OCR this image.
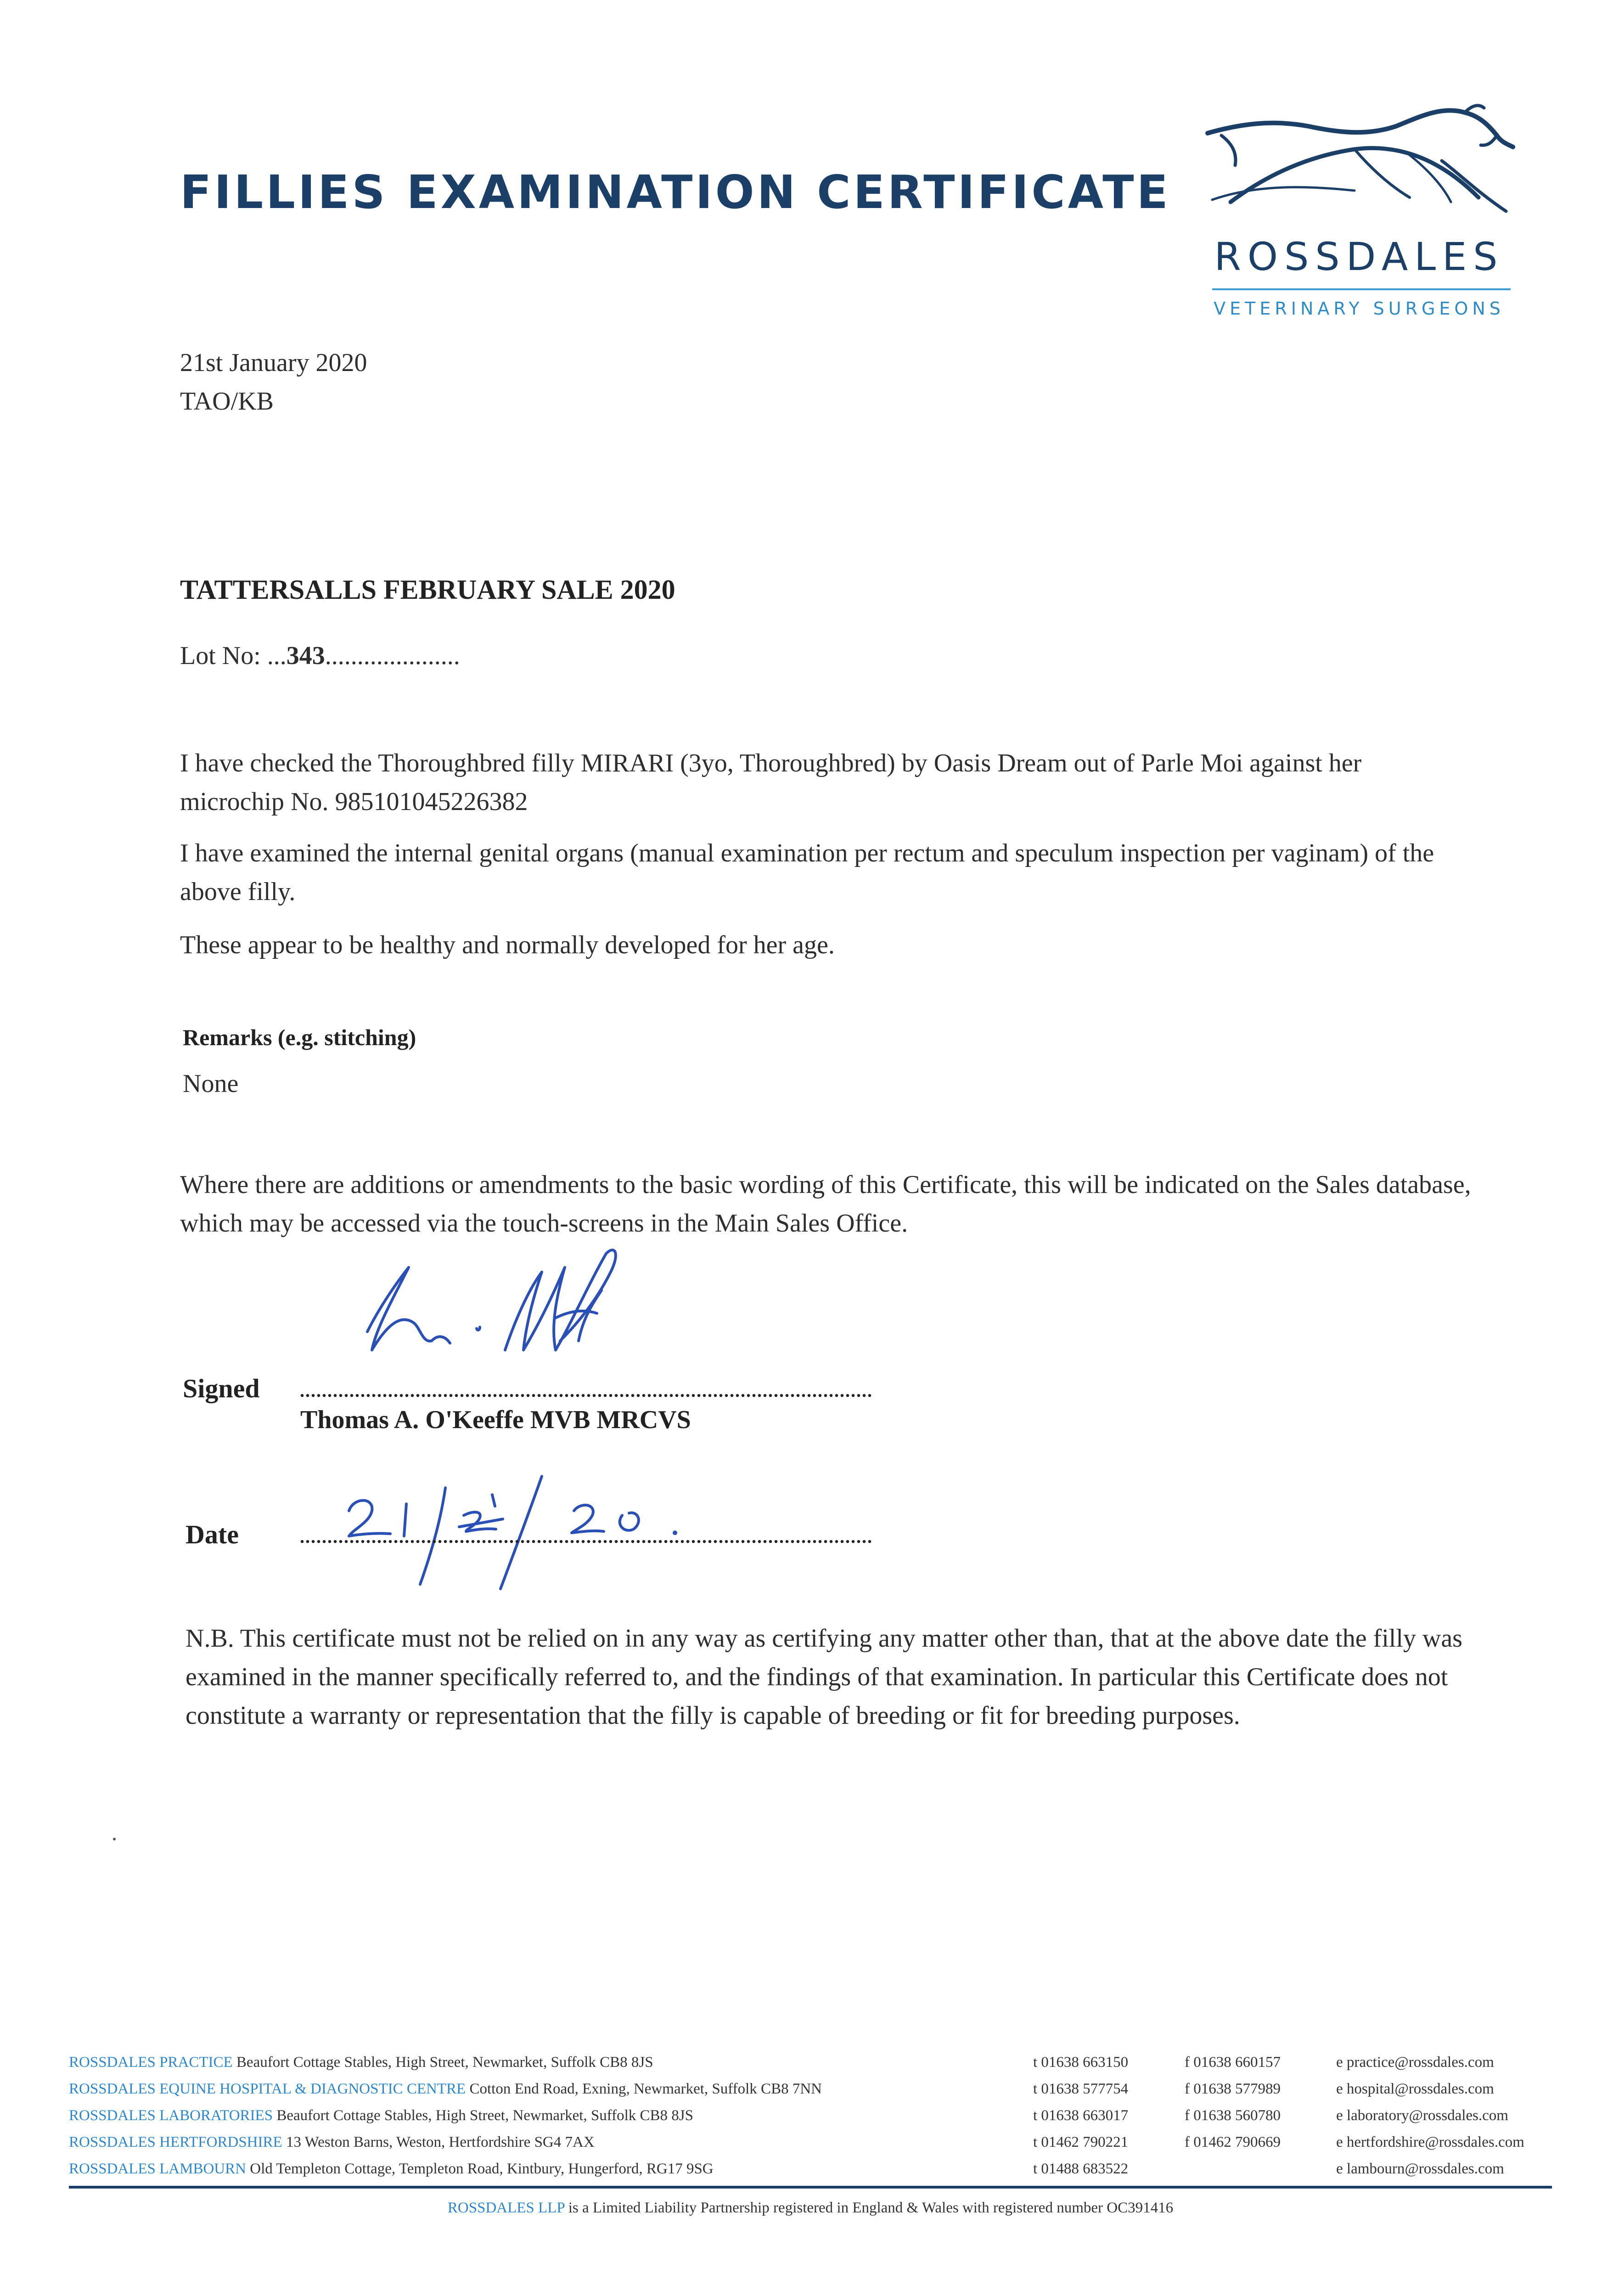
FILLIES EXAMINATION CERTIFICATE
ROSSDALES
VETERINARY SURGEONS
21st January 2020
TAO/KB
TATTERSALLS FEBRUARY SALE 2020
Lot No: ...343.....................
I have checked the Thoroughbred filly MIRARI (3yo, Thoroughbred) by Oasis Dream out of Parle Moi against her microchip No. 985101045226382
I have examined the internal genital organs (manual examination per rectum and speculum inspection per vaginam) of the above filly.
These appear to be healthy and normally developed for her age.
Remarks (e.g. stitching)
None
Where there are additions or amendments to the basic wording of this Certificate, this will be indicated on the Sales database, which may be accessed via the touch-screens in the Main Sales Office.
Signed
Thomas A. O'Keeffe MVB MRCVS
21/1/20
Date
N.B. This certificate must not be relied on in any way as certifying any matter other than, that at the above date the filly was examined in the manner specifically referred to, and the findings of that examination. In particular this Certificate does not constitute a warranty or representation that the filly is capable of breeding or fit for breeding purposes.
ROSSDALES PRACTICE Beaufort Cottage Stables, High Street, Newmarket, Suffolk CB8 8JS	t 01638 663150	f 01638 660157	e practice@rossdales.com
ROSSDALES EQUINE HOSPITAL & DIAGNOSTIC CENTRE Cotton End Road, Exning, Newmarket, Suffolk CB8 7NN	t 01638 577754	f 01638 577989	e hospital@rossdales.com
ROSSDALES LABORATORIES Beaufort Cottage Stables, High Street, Newmarket, Suffolk CB8 8JS	t 01638 663017	f 01638 560780	e laboratory@rossdales.com
ROSSDALES HERTFORDSHIRE 13 Weston Barns, Weston, Hertfordshire SG4 7AX	t 01462 790221	f 01462 790669	e hertfordshire@rossdales.com
ROSSDALES LAMBOURN Old Templeton Cottage, Templeton Road, Kintbury, Hungerford, RG17 9SG	t 01488 683522	e lambourn@rossdales.com
ROSSDALES LLP is a Limited Liability Partnership registered in England & Wales with registered number OC391416
